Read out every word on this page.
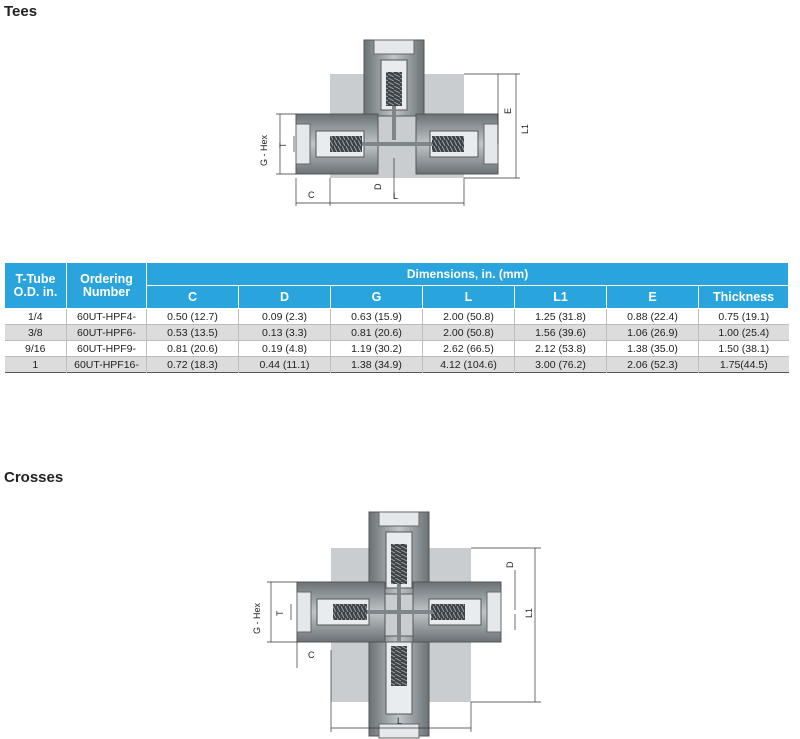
Tees
G - Hex T
C
D
L
E
L1
T-Tube O.D. in.	Ordering Number	Dimensions, in. (mm)						
		C	D	G	L	L1	E	Thickness
1/4	60UT-HPF4-	0.50 (12.7)	0.09 (2.3)	0.63 (15.9)	2.00 (50.8)	1.25 (31.8)	0.88 (22.4)	0.75 (19.1)
3/8	60UT-HPF6-	0.53 (13.5)	0.13 (3.3)	0.81 (20.6)	2.00 (50.8)	1.56 (39.6)	1.06 (26.9)	1.00 (25.4)
9/16	60UT-HPF9-	0.81 (20.6)	0.19 (4.8)	1.19 (30.2)	2.62 (66.5)	2.12 (53.8)	1.38 (35.0)	1.50 (38.1)
1	60UT-HPF16-	0.72 (18.3)	0.44 (11.1)	1.38 (34.9)	4.12 (104.6)	3.00 (76.2)	2.06 (52.3)	1.75(44.5)
Crosses
G - Hex T
C
D
L
L1
